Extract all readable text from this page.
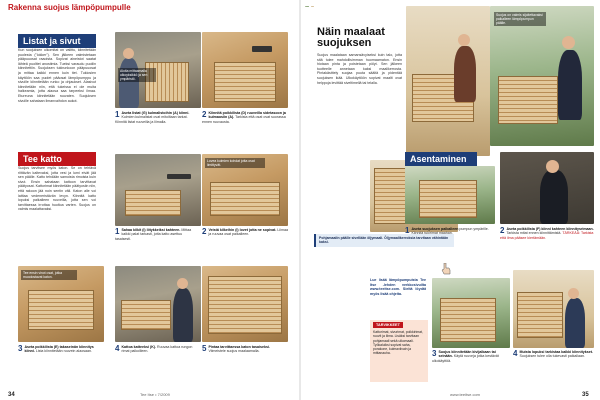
Rakenna suojus lämpöpumpulle
Listat ja sivut
Kun suojuksen ulkomitat on valittu, kiinnitetään puolesta ("lokker"). Sen jälkeen valmistetaan pääpuuosat raaoista. Sopivat aineistot saatat lähteä puolitet anostimia. Tueksi varaudu puoliin kiinnitettiin. Suojuksen tukirunkoon pääpuuosat ja mittaa kaikki ennen kuin tiet. Tukiosien käyttöön saa puolet pääosat lämpöpumppu ja sivuille kiinnitetään runko ja ohjaukset. Alasivut kiinnitetään niin, että tukeissa ei ole muita halkeamia, jotta alaosa saa tarpeeksi ilmaa. Etureuna kiinnitetään ruuvaten. Suojuksen sivuille sahataan ilmanvaihdon aukot.
Aloita mittaamalla ulkoyksikkö ja sen ympäristö.
1 Aseta listat (G) kulmalistoihin (A) kiinni. Kulmien kulmalistat ovat mitoiltaan tarkat. Kiinnitä listat ruuveilla ja liimalla.
2 Kiinnitä poikkilista (D) ruuveilla sidetasoon ja kulmaosiin (A). Tarkista että osat ovat suorassa ennen ruuvausta.
Tee katto
Suojus tarvitsee myös katon. Se on tehtävä riittävän kaltevaksi, jotta vesi ja lumi eivät jää sen päälle. Katto tehdään samoista rimoista kuin sivut. Ensin sahataan kattoon tarvittavat päätyosat. Kattorimat kiinnitetään päätyosiin niin, että rakoon jää noin sentin väli. Katon alle voi laittaa vedeneristävän levyn. Kiinnitä katto lopuksi paikalleen ruuveilla, jotta sen voi tarvittaessa irrottaa huoltoa varten. Suojus on valmis maalattavaksi.
Lovea kulmien kohdat jotta osat limittyvät.
1 Sahaa kilkit (I) liitykkeiksi kahteen. Mittaa kaikki palat tarkasti, jotta katto asettuu tasaisesti.
2 Veistä kilkeihin (I) lovet jotta ne sopivat. Liimaa ja ruuvaa osat paikalleen.
Tee ensin vinot osat, jotka muodostavat katon.
3 Aseta poikkilista (E) takaseinän kiinnitys kiinni. Lista kiinnitetään ruuvein alaosaan.	4 Kattoa katteeksi (K). Ruuvaa kattoa rungon rimat paikoilleen.	5 Pintaa tarvittaessa katon tasaiseksi. Viimeistele suojus maalaamalla.
34	Tee Itse • 7/2009
Näin maalaat suojuksen
Suojus maalataan samansävyiseksi kuin talo, jotta sitä tulee mahdollisimman huomaamaton. Ensin hiotaan pinta ja poistetaan pölyt. Sen jälkeen tuotteelle annetaan kaksi maalikerrosta. Pintakäsittely suojaa puuta säältä ja pidentää suojuksen ikää. Ulkokäyttöön sopivat maalit ovat helppoja levittää siveltimellä tai telalla.
Suojus on valmis sijoitettavaksi paikalleen lämpöpumpun päälle.
Pohjamaalin päälle sivellään öljymaali. Öljymaalikerroksia tarvitaan vähintään kaksi.
Asentaminen
1 Aseta suojuksen paikalleen pumpun ympärille. Kiinnitä tukirimat maahan.	2 Aseta poikkilista (F) kiinni kahteen kiinnitysrimaan. Tarkista mitat ennen kiinnittämistä. TÄRKEÄÄ: Tarkista että ilma pääsee kiertämään.
Lue lisää lämpöpumpuista Tee Itse -lehden verkkosivuilta www.teeitse.com. Sieltä löydät myös lisää ohjeita.
TARVIKKEET
Kattorimat, sivurimat, poikkirimat, ruuvit ja liima. Lisäksi tarvitaan pohjamaali sekä ulkomaali. Työkaluiksi sopivat saha, porakone, kulmaviivain ja mittanauha.	3 Suojus kiinnitetään kivijalkaan tai seinään. Käytä ruuveja jotka kestävät ulkokäyttöä.
4 Muista lopuksi tarkistaa kaikki kiinnitykset. Suojuksen tulee olla tukevasti paikallaan.
www.teeitse.com	35
